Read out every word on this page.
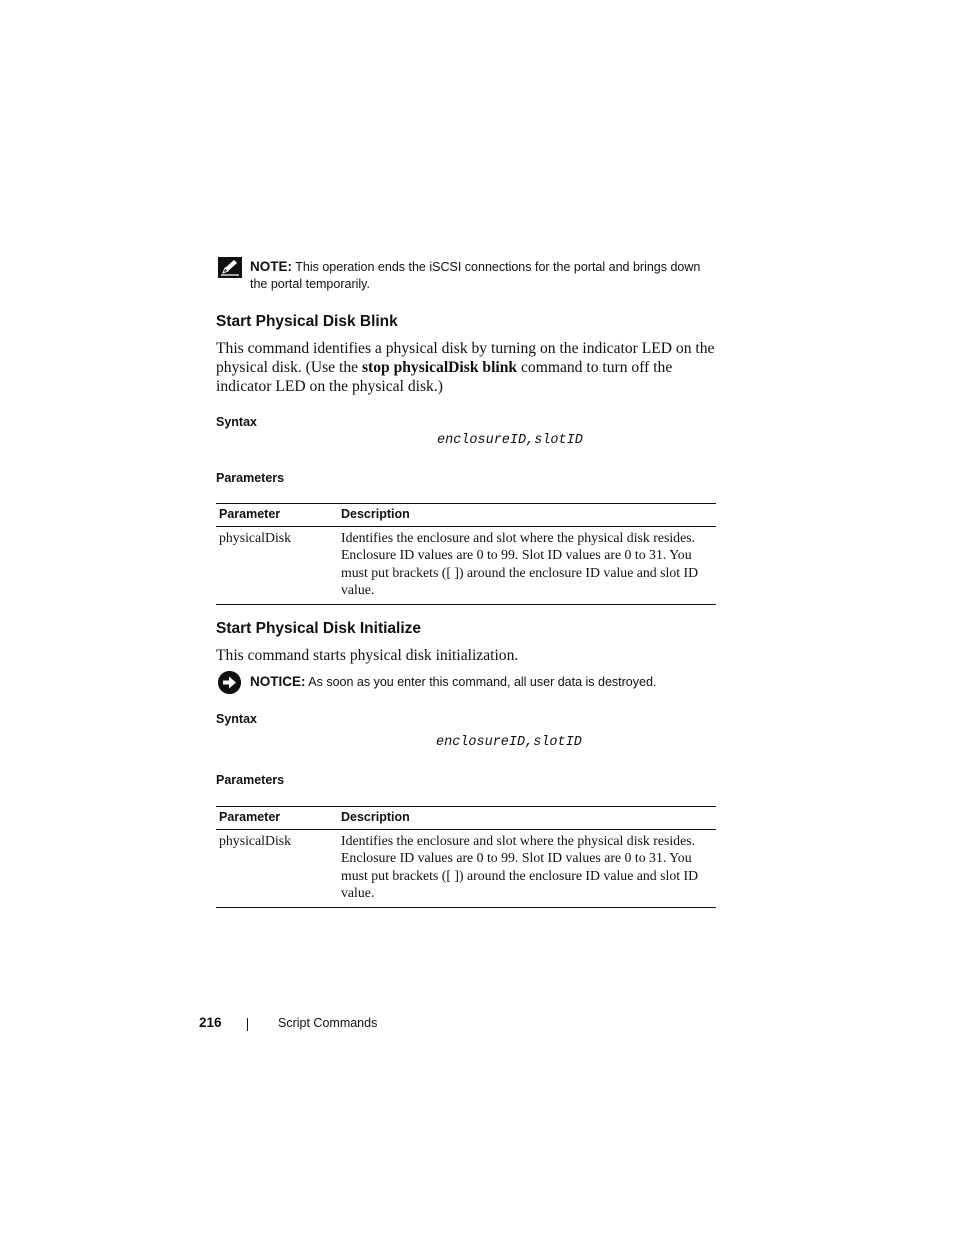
NOTE: This operation ends the iSCSI connections for the portal and brings down the portal temporarily.
Start Physical Disk Blink

This command identifies a physical disk by turning on the indicator LED on the physical disk. (Use the stop physicalDisk blink command to turn off the indicator LED on the physical disk.)

Syntax
enclosureID,slotID
Parameters
Parameter	Description
physicalDisk	Identifies the enclosure and slot where the physical disk resides. Enclosure ID values are 0 to 99. Slot ID values are 0 to 31. You must put brackets ([ ]) around the enclosure ID value and slot ID value.
Start Physical Disk Initialize

This command starts physical disk initialization.

NOTICE: As soon as you enter this command, all user data is destroyed.
Syntax
enclosureID,slotID
Parameters
Parameter	Description
physicalDisk	Identifies the enclosure and slot where the physical disk resides. Enclosure ID values are 0 to 99. Slot ID values are 0 to 31. You must put brackets ([ ]) around the enclosure ID value and slot ID value.
216	Script Commands
